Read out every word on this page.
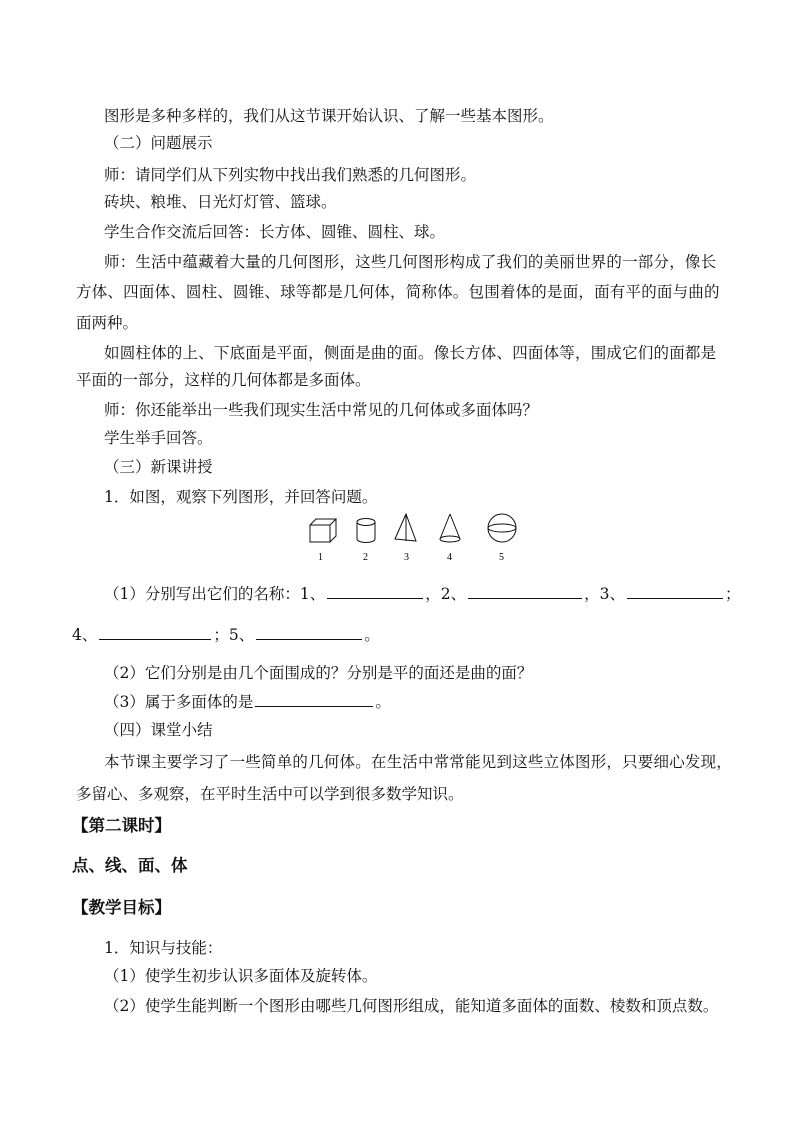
图形是多种多样的，我们从这节课开始认识、了解一些基本图形。
（二）问题展示
师：请同学们从下列实物中找出我们熟悉的几何图形。
砖块、粮堆、日光灯灯管、篮球。
学生合作交流后回答：长方体、圆锥、圆柱、球。
师：生活中蕴藏着大量的几何图形，这些几何图形构成了我们的美丽世界的一部分，像长
方体、四面体、圆柱、圆锥、球等都是几何体，简称体。包围着体的是面，面有平的面与曲的
面两种。
如圆柱体的上、下底面是平面，侧面是曲的面。像长方体、四面体等，围成它们的面都是
平面的一部分，这样的几何体都是多面体。
师：你还能举出一些我们现实生活中常见的几何体或多面体吗？
学生举手回答。
（三）新课讲授
1．如图，观察下列图形，并回答问题。
1	2	3	4	5
（1）分别写出它们的名称：1、	，2、	，3、	；
4、	；5、	。
（2）它们分别是由几个面围成的？分别是平的面还是曲的面？
（3）属于多面体的是	。
（四）课堂小结
本节课主要学习了一些简单的几何体。在生活中常常能见到这些立体图形，只要细心发现，
多留心、多观察，在平时生活中可以学到很多数学知识。
【第二课时】
点、线、面、体
【教学目标】
1．知识与技能：
（1）使学生初步认识多面体及旋转体。
（2）使学生能判断一个图形由哪些几何图形组成，能知道多面体的面数、棱数和顶点数。
